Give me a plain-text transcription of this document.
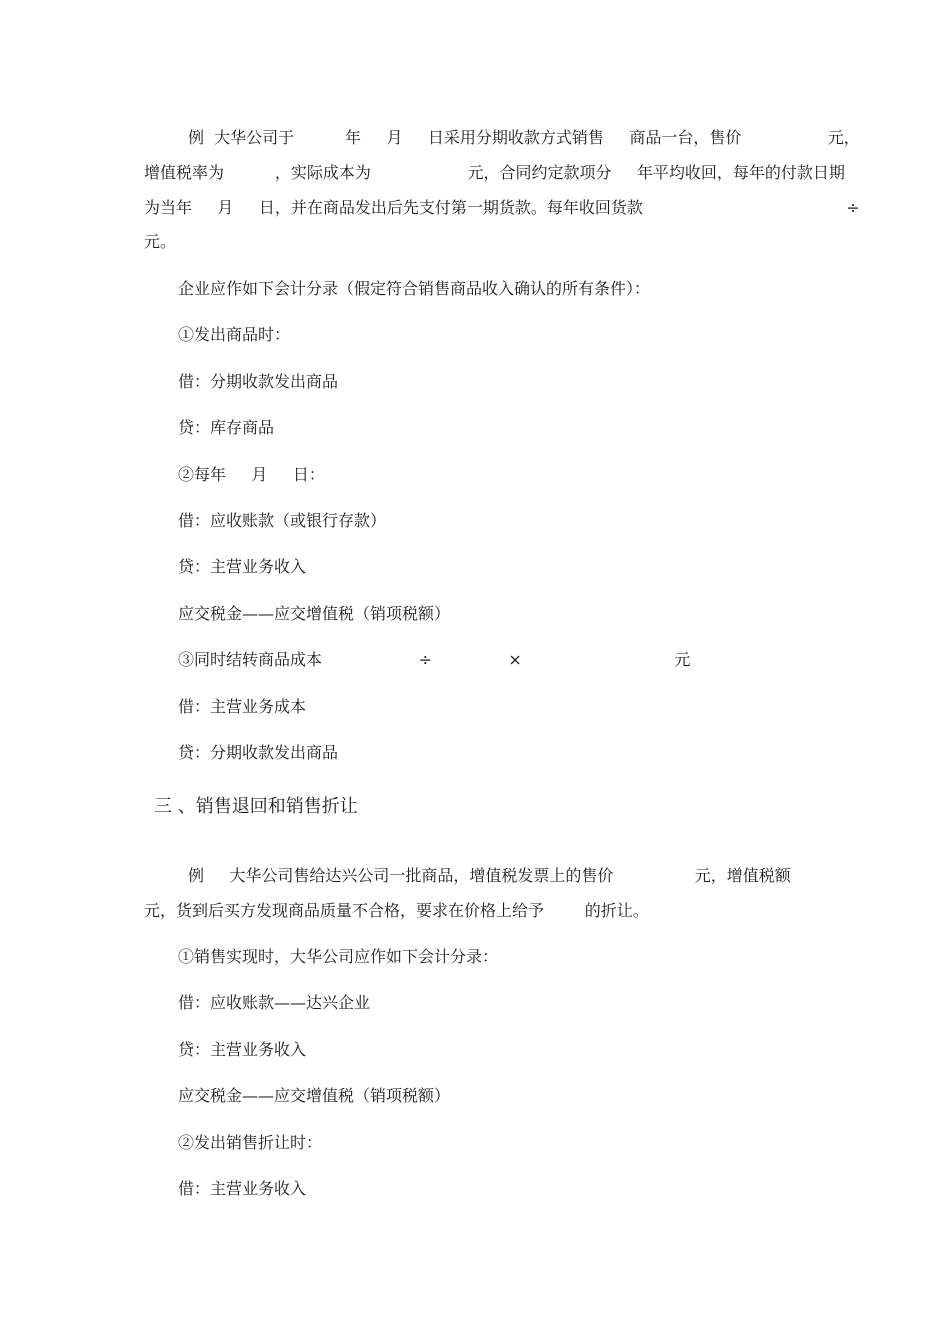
例  大华公司于          年     月     日采用分期收款方式销售     商品一台，售价                 元，

增值税率为          ，实际成本为                   元，合同约定款项分     年平均收回，每年的付款日期

为当年     月     日，并在商品发出后先支付第一期货款。每年收回货款                                        ÷

元。

企业应作如下会计分录（假定符合销售商品收入确认的所有条件）：

①发出商品时：

借：分期收款发出商品

贷：库存商品

②每年     月     日：

借：应收账款（或银行存款）

贷：主营业务收入

应交税金——应交增值税（销项税额）

③同时结转商品成本                   ÷               ×                              元

借：主营业务成本

贷：分期收款发出商品

三 、销售退回和销售折让

例     大华公司售给达兴公司一批商品，增值税发票上的售价                元，增值税额

元，货到后买方发现商品质量不合格，要求在价格上给予        的折让。

①销售实现时，大华公司应作如下会计分录：

借：应收账款——达兴企业

贷：主营业务收入

应交税金——应交增值税（销项税额）

②发出销售折让时：

借：主营业务收入
